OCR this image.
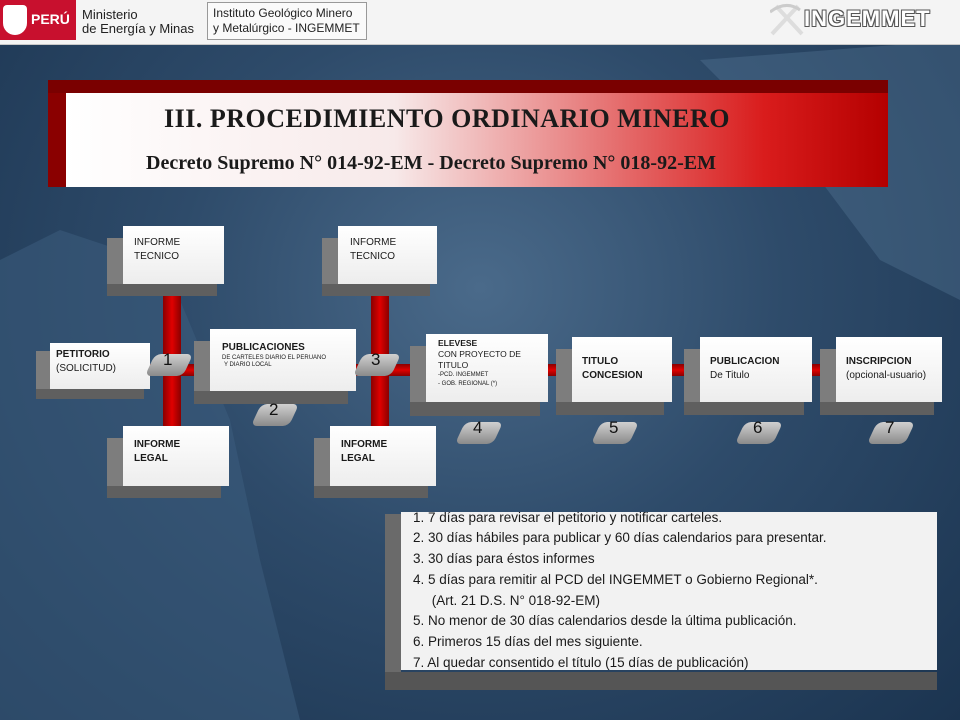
PERÚ Ministerio
de Energía y Minas
Instituto Geológico Minero
y Metalúrgico - INGEMMET	INGEMMET
III. PROCEDIMIENTO ORDINARIO MINERO
Decreto Supremo N° 014-92-EM - Decreto Supremo N° 018-92-EM
INFORME
TECNICO
INFORME
TECNICO
PETITORIO
(SOLICITUD)
PUBLICACIONES
DE CARTELES DIARIO EL PERUANO
Y DIARIO LOCAL
ELEVESE
CON PROYECTO DE
TITULO
-PCD. INGEMMET
- GOB. REGIONAL (*)
TITULO
CONCESION
PUBLICACION
De Titulo
INSCRIPCION
(opcional-usuario)
INFORME
LEGAL
INFORME
LEGAL
1
2
3
4	5	6	7
1. 7 días para revisar el petitorio y notificar carteles.
2. 30 días hábiles para publicar y 60 días calendarios para presentar.
3. 30 días para éstos informes
4. 5 días para remitir al PCD del INGEMMET o Gobierno Regional*.
(Art. 21 D.S. N° 018-92-EM)
5. No menor de 30 días calendarios desde la última publicación.
6. Primeros 15 días del mes siguiente.
7. Al quedar consentido el título (15 días de publicación)
